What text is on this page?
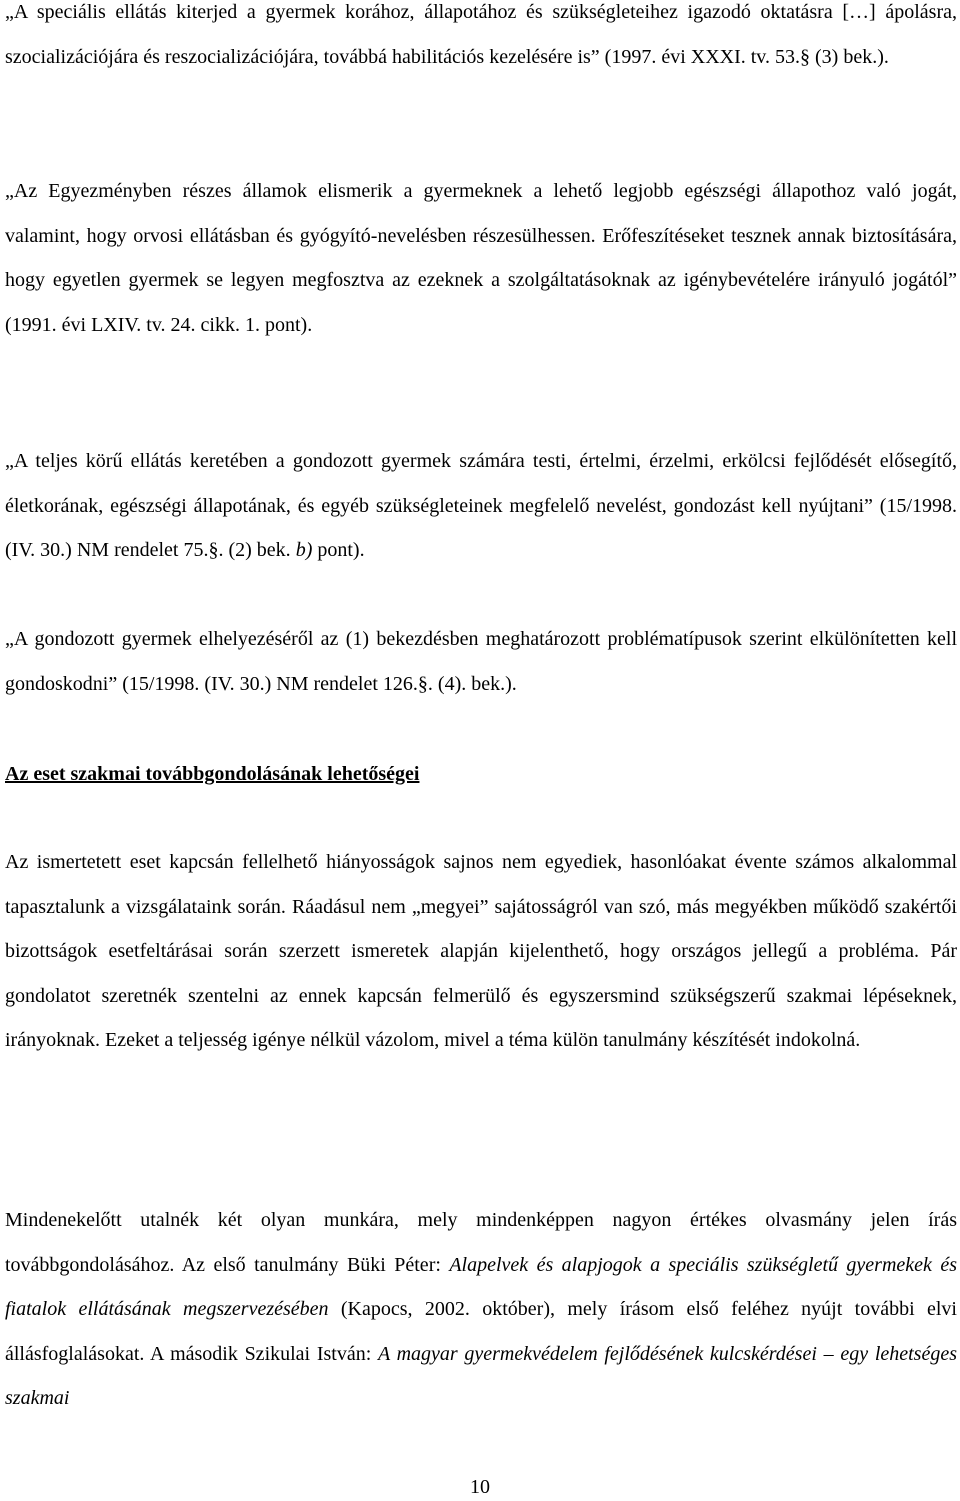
„A speciális ellátás kiterjed a gyermek korához, állapotához és szükségleteihez igazodó oktatásra […] ápolásra, szocializációjára és reszocializációjára, továbbá habilitációs kezelésére is” (1997. évi XXXI. tv. 53.§ (3) bek.).

„Az Egyezményben részes államok elismerik a gyermeknek a lehető legjobb egészségi állapothoz való jogát, valamint, hogy orvosi ellátásban és gyógyító-nevelésben részesülhessen. Erőfeszítéseket tesznek annak biztosítására, hogy egyetlen gyermek se legyen megfosztva az ezeknek a szolgáltatásoknak az igénybevételére irányuló jogától” (1991. évi LXIV. tv. 24. cikk. 1. pont).

„A teljes körű ellátás keretében a gondozott gyermek számára testi, értelmi, érzelmi, erkölcsi fejlődését elősegítő, életkorának, egészségi állapotának, és egyéb szükségleteinek megfelelő nevelést, gondozást kell nyújtani” (15/1998. (IV. 30.) NM rendelet 75.§. (2) bek. b) pont).

„A gondozott gyermek elhelyezéséről az (1) bekezdésben meghatározott problématípusok szerint elkülönítetten kell gondoskodni” (15/1998. (IV. 30.) NM rendelet 126.§. (4). bek.).

Az eset szakmai továbbgondolásának lehetőségei

Az ismertetett eset kapcsán fellelhető hiányosságok sajnos nem egyediek, hasonlóakat évente számos alkalommal tapasztalunk a vizsgálataink során. Ráadásul nem „megyei” sajátosságról van szó, más megyékben működő szakértői bizottságok esetfeltárásai során szerzett ismeretek alapján kijelenthető, hogy országos jellegű a probléma. Pár gondolatot szeretnék szentelni az ennek kapcsán felmerülő és egyszersmind szükségszerű szakmai lépéseknek, irányoknak. Ezeket a teljesség igénye nélkül vázolom, mivel a téma külön tanulmány készítését indokolná.

Mindenekelőtt utalnék két olyan munkára, mely mindenképpen nagyon értékes olvasmány jelen írás továbbgondolásához. Az első tanulmány Büki Péter: Alapelvek és alapjogok a speciális szükségletű gyermekek és fiatalok ellátásának megszervezésében (Kapocs, 2002. október), mely írásom első feléhez nyújt további elvi állásfoglalásokat. A második Szikulai István: A magyar gyermekvédelem fejlődésének kulcskérdései – egy lehetséges szakmai

10
